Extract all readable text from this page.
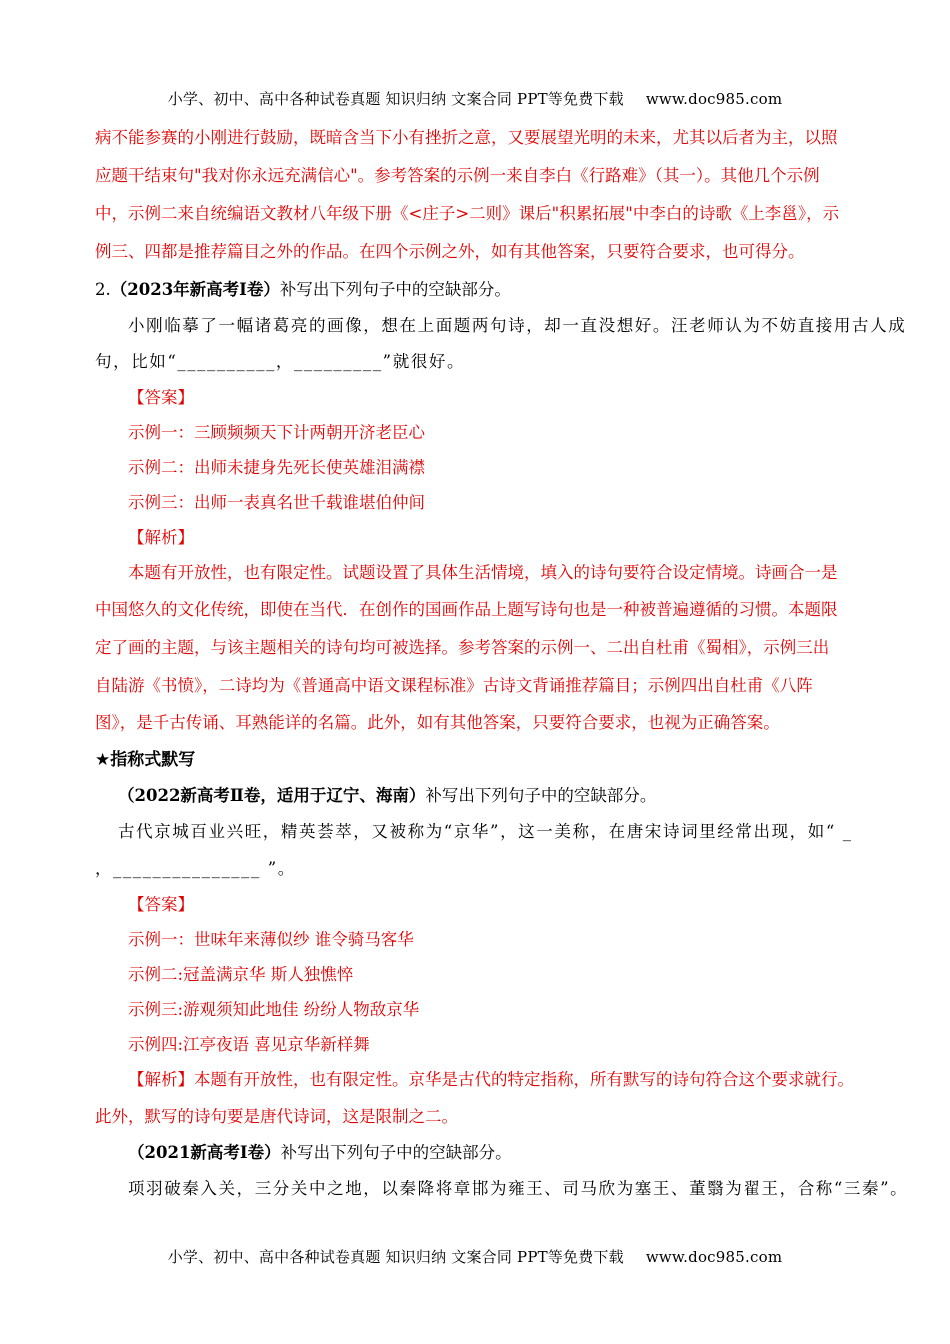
小学、初中、高中各种试卷真题 知识归纳 文案合同 PPT等免费下载 www.doc985.com
病不能参赛的小刚进行鼓励，既暗含当下小有挫折之意，又要展望光明的未来，尤其以后者为主，以照
应题干结束句"我对你永远充满信心"。参考答案的示例一来自李白《行路难》（其一）。其他几个示例
中，示例二来自统编语文教材八年级下册《<庄子>二则》课后"积累拓展"中李白的诗歌《上李邕》，示
例三、四都是推荐篇目之外的作品。在四个示例之外，如有其他答案，只要符合要求，也可得分。
2.（2023年新高考Ⅰ卷）补写出下列句子中的空缺部分。
小刚临摹了一幅诸葛亮的画像，想在上面题两句诗，却一直没想好。汪老师认为不妨直接用古人成
句，比如“__________，_________”就很好。
【答案】
示例一：三顾频频天下计两朝开济老臣心
示例二：出师未捷身先死长使英雄泪满襟
示例三：出师一表真名世千载谁堪伯仲间
【解析】
本题有开放性，也有限定性。试题设置了具体生活情境，填入的诗句要符合设定情境。诗画合一是
中国悠久的文化传统，即使在当代．在创作的国画作品上题写诗句也是一种被普遍遵循的习惯。本题限
定了画的主题，与该主题相关的诗句均可被选择。参考答案的示例一、二出自杜甫《蜀相》，示例三出
自陆游《书愤》，二诗均为《普通高中语文课程标准》古诗文背诵推荐篇目；示例四出自杜甫《八阵
图》，是千古传诵、耳熟能详的名篇。此外，如有其他答案，只要符合要求，也视为正确答案。
★指称式默写
（2022新高考Ⅱ卷，适用于辽宁、海南）补写出下列句子中的空缺部分。
古代京城百业兴旺，精英荟萃，又被称为“京华”，这一美称，在唐宋诗词里经常出现，如“ _
，_______________ ”。
【答案】
示例一：世味年来薄似纱 谁令骑马客华
示例二:冠盖满京华 斯人独憔悴
示例三:游观须知此地佳 纷纷人物敌京华
示例四:江亭夜语 喜见京华新样舞
【解析】本题有开放性，也有限定性。京华是古代的特定指称，所有默写的诗句符合这个要求就行。
此外，默写的诗句要是唐代诗词，这是限制之二。
（2021新高考Ⅰ卷）补写出下列句子中的空缺部分。
项羽破秦入关，三分关中之地，以秦降将章邯为雍王、司马欣为塞王、董翳为翟王，合称“三秦”。
小学、初中、高中各种试卷真题 知识归纳 文案合同 PPT等免费下载 www.doc985.com
